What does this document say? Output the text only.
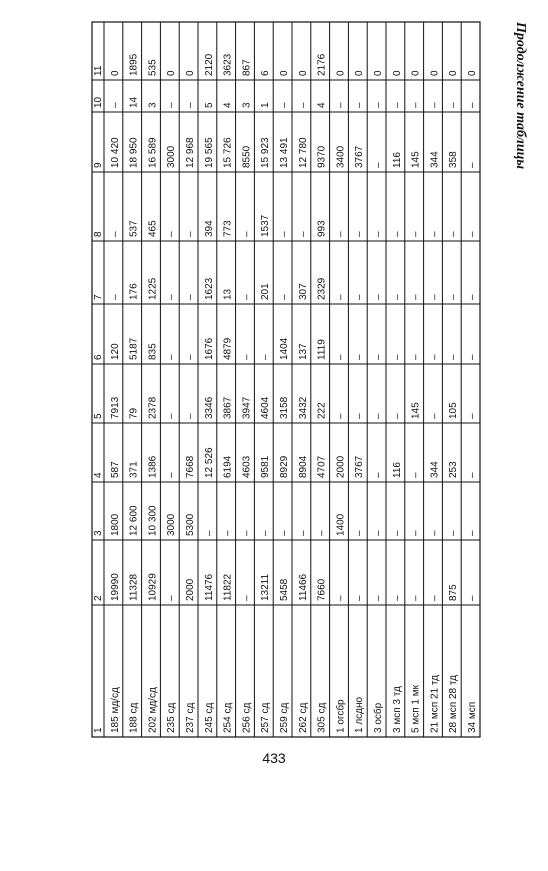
Продолжение таблицы
1
2
3
4
5
6
7
8
9
10
11
185 мд/сд
19990
1800
587
7913
120
–
–
10 420
–
0
188 сд
11328
12 600
371
79
5187
176
537
18 950
14
1895
202 мд/сд
10929
10 300
1386
2378
835
1225
465
16 589
3
535
235 сд
–
3000
–
–
–
–
–
3000
–
0
237 сд
2000
5300
7668
–
–
–
–
12 968
–
0
245 сд
11476
–
12 526
3346
1676
1623
394
19 565
5
2120
254 сд
11822
–
6194
3867
4879
13
773
15 726
4
3623
256 сд
–
–
4603
3947
–
–
–
8550
3
867
257 сд
13211
–
9581
4604
–
201
1537
15 923
1
6
259 сд
5458
–
8929
3158
1404
–
–
13 491
–
0
262 сд
11466
–
8904
3432
137
307
–
12 780
–
0
305 сд
7660
–
4707
222
1119
2329
993
9370
4
2176
1 огсбр
–
1400
2000
–
–
–
–
3400
–
0
1 лсдно
–
–
3767
–
–
–
–
3767
–
0
3 осбр
–
–
–
–
–
–
–
–
–
0
3 мсп 3 тд
–
–
116
–
–
–
–
116
–
0
5 мсп 1 мк
–
–
–
145
–
–
–
145
–
0
21 мсп 21 тд
–
–
344
–
–
–
–
344
–
0
28 мсп 28 тд
875
–
253
105
–
–
–
358
–
0
34 мсп
–
–
–
–
–
–
–
–
–
0
433
